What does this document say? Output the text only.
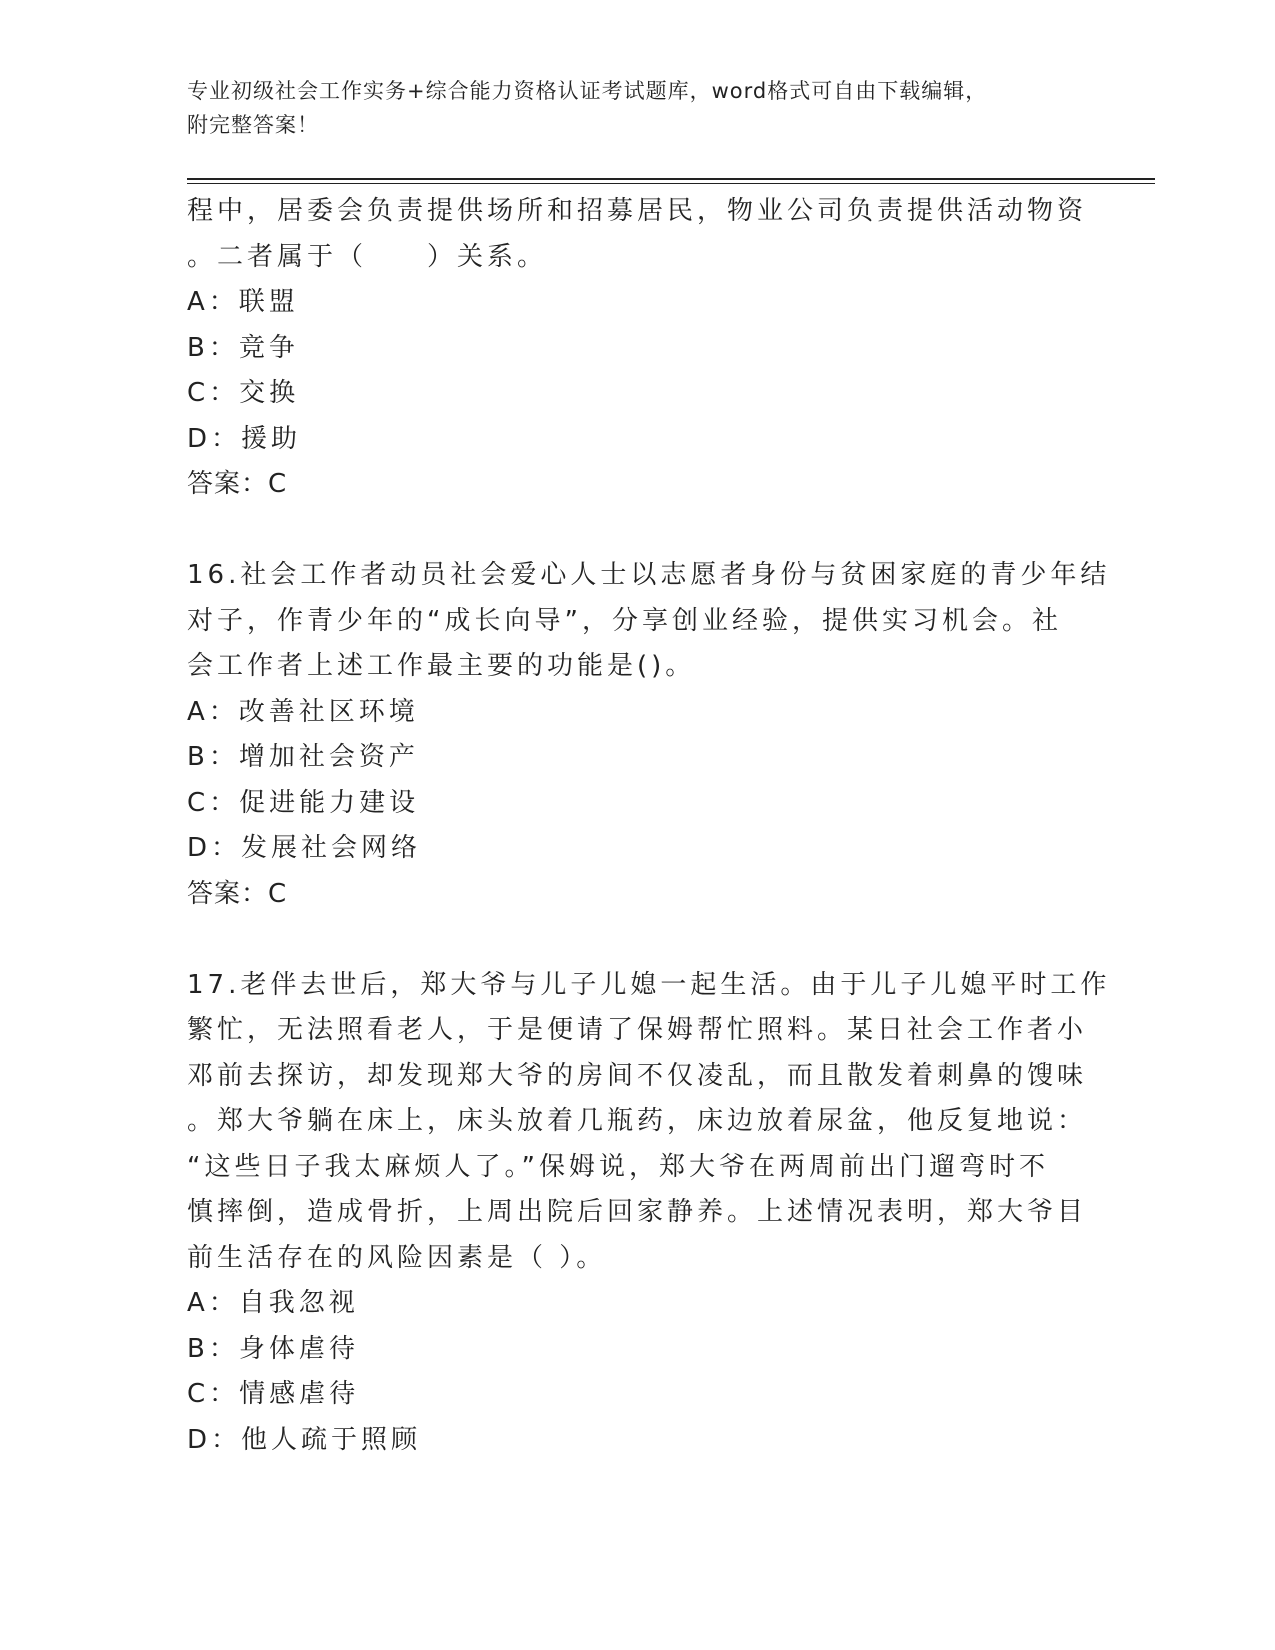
专业初级社会工作实务+综合能力资格认证考试题库，word格式可自由下载编辑，
附完整答案！
程中，居委会负责提供场所和招募居民，物业公司负责提供活动物资
。二者属于（　　）关系。
A：联盟
B：竞争
C：交换
D：援助
答案：C
16.社会工作者动员社会爱心人士以志愿者身份与贫困家庭的青少年结
对子，作青少年的“成长向导”，分享创业经验，提供实习机会。社
会工作者上述工作最主要的功能是()。
A：改善社区环境
B：增加社会资产
C：促进能力建设
D：发展社会网络
答案：C
17.老伴去世后，郑大爷与儿子儿媳一起生活。由于儿子儿媳平时工作
繁忙，无法照看老人，于是便请了保姆帮忙照料。某日社会工作者小
邓前去探访，却发现郑大爷的房间不仅凌乱，而且散发着刺鼻的馊味
。郑大爷躺在床上，床头放着几瓶药，床边放着尿盆，他反复地说：
“这些日子我太麻烦人了。”保姆说，郑大爷在两周前出门遛弯时不
慎摔倒，造成骨折，上周出院后回家静养。上述情况表明，郑大爷目
前生活存在的风险因素是（ ）。
A：自我忽视
B：身体虐待
C：情感虐待
D：他人疏于照顾
